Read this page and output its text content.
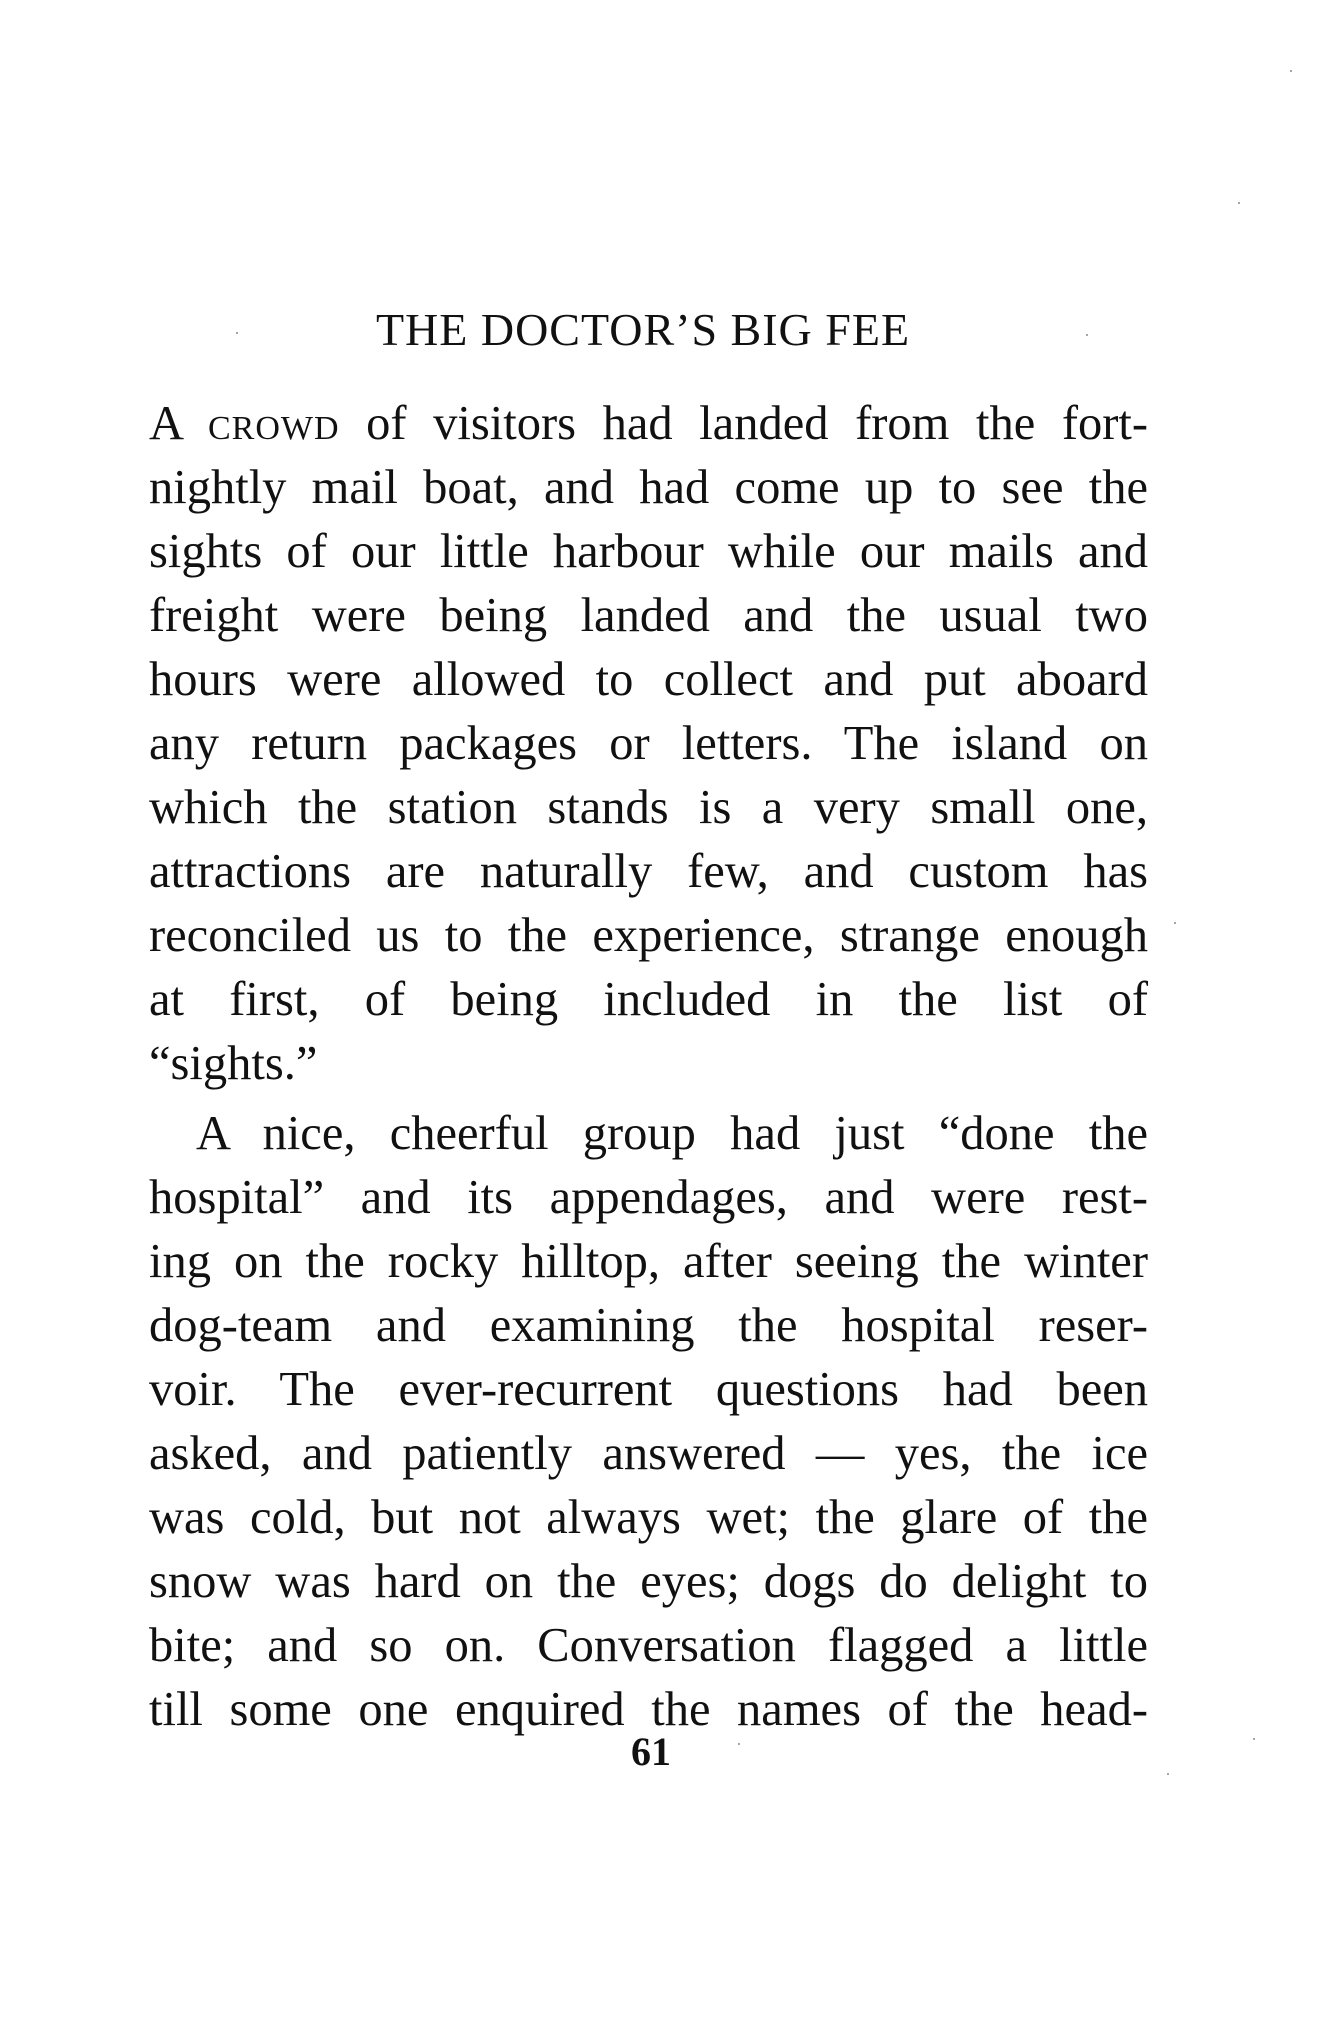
THE DOCTOR’S BIG FEE
A crowd of visitors had landed from the fort-
nightly mail boat, and had come up to see the
sights of our little harbour while our mails and
freight were being landed and the usual two
hours were allowed to collect and put aboard
any return packages or letters. The island on
which the station stands is a very small one,
attractions are naturally few, and custom has
reconciled us to the experience, strange enough
at first, of being included in the list of
“sights.”
A nice, cheerful group had just “done the
hospital” and its appendages, and were rest-
ing on the rocky hilltop, after seeing the winter
dog-team and examining the hospital reser-
voir. The ever-recurrent questions had been
asked, and patiently answered — yes, the ice
was cold, but not always wet; the glare of the
snow was hard on the eyes; dogs do delight to
bite; and so on. Conversation flagged a little
till some one enquired the names of the head-
61
